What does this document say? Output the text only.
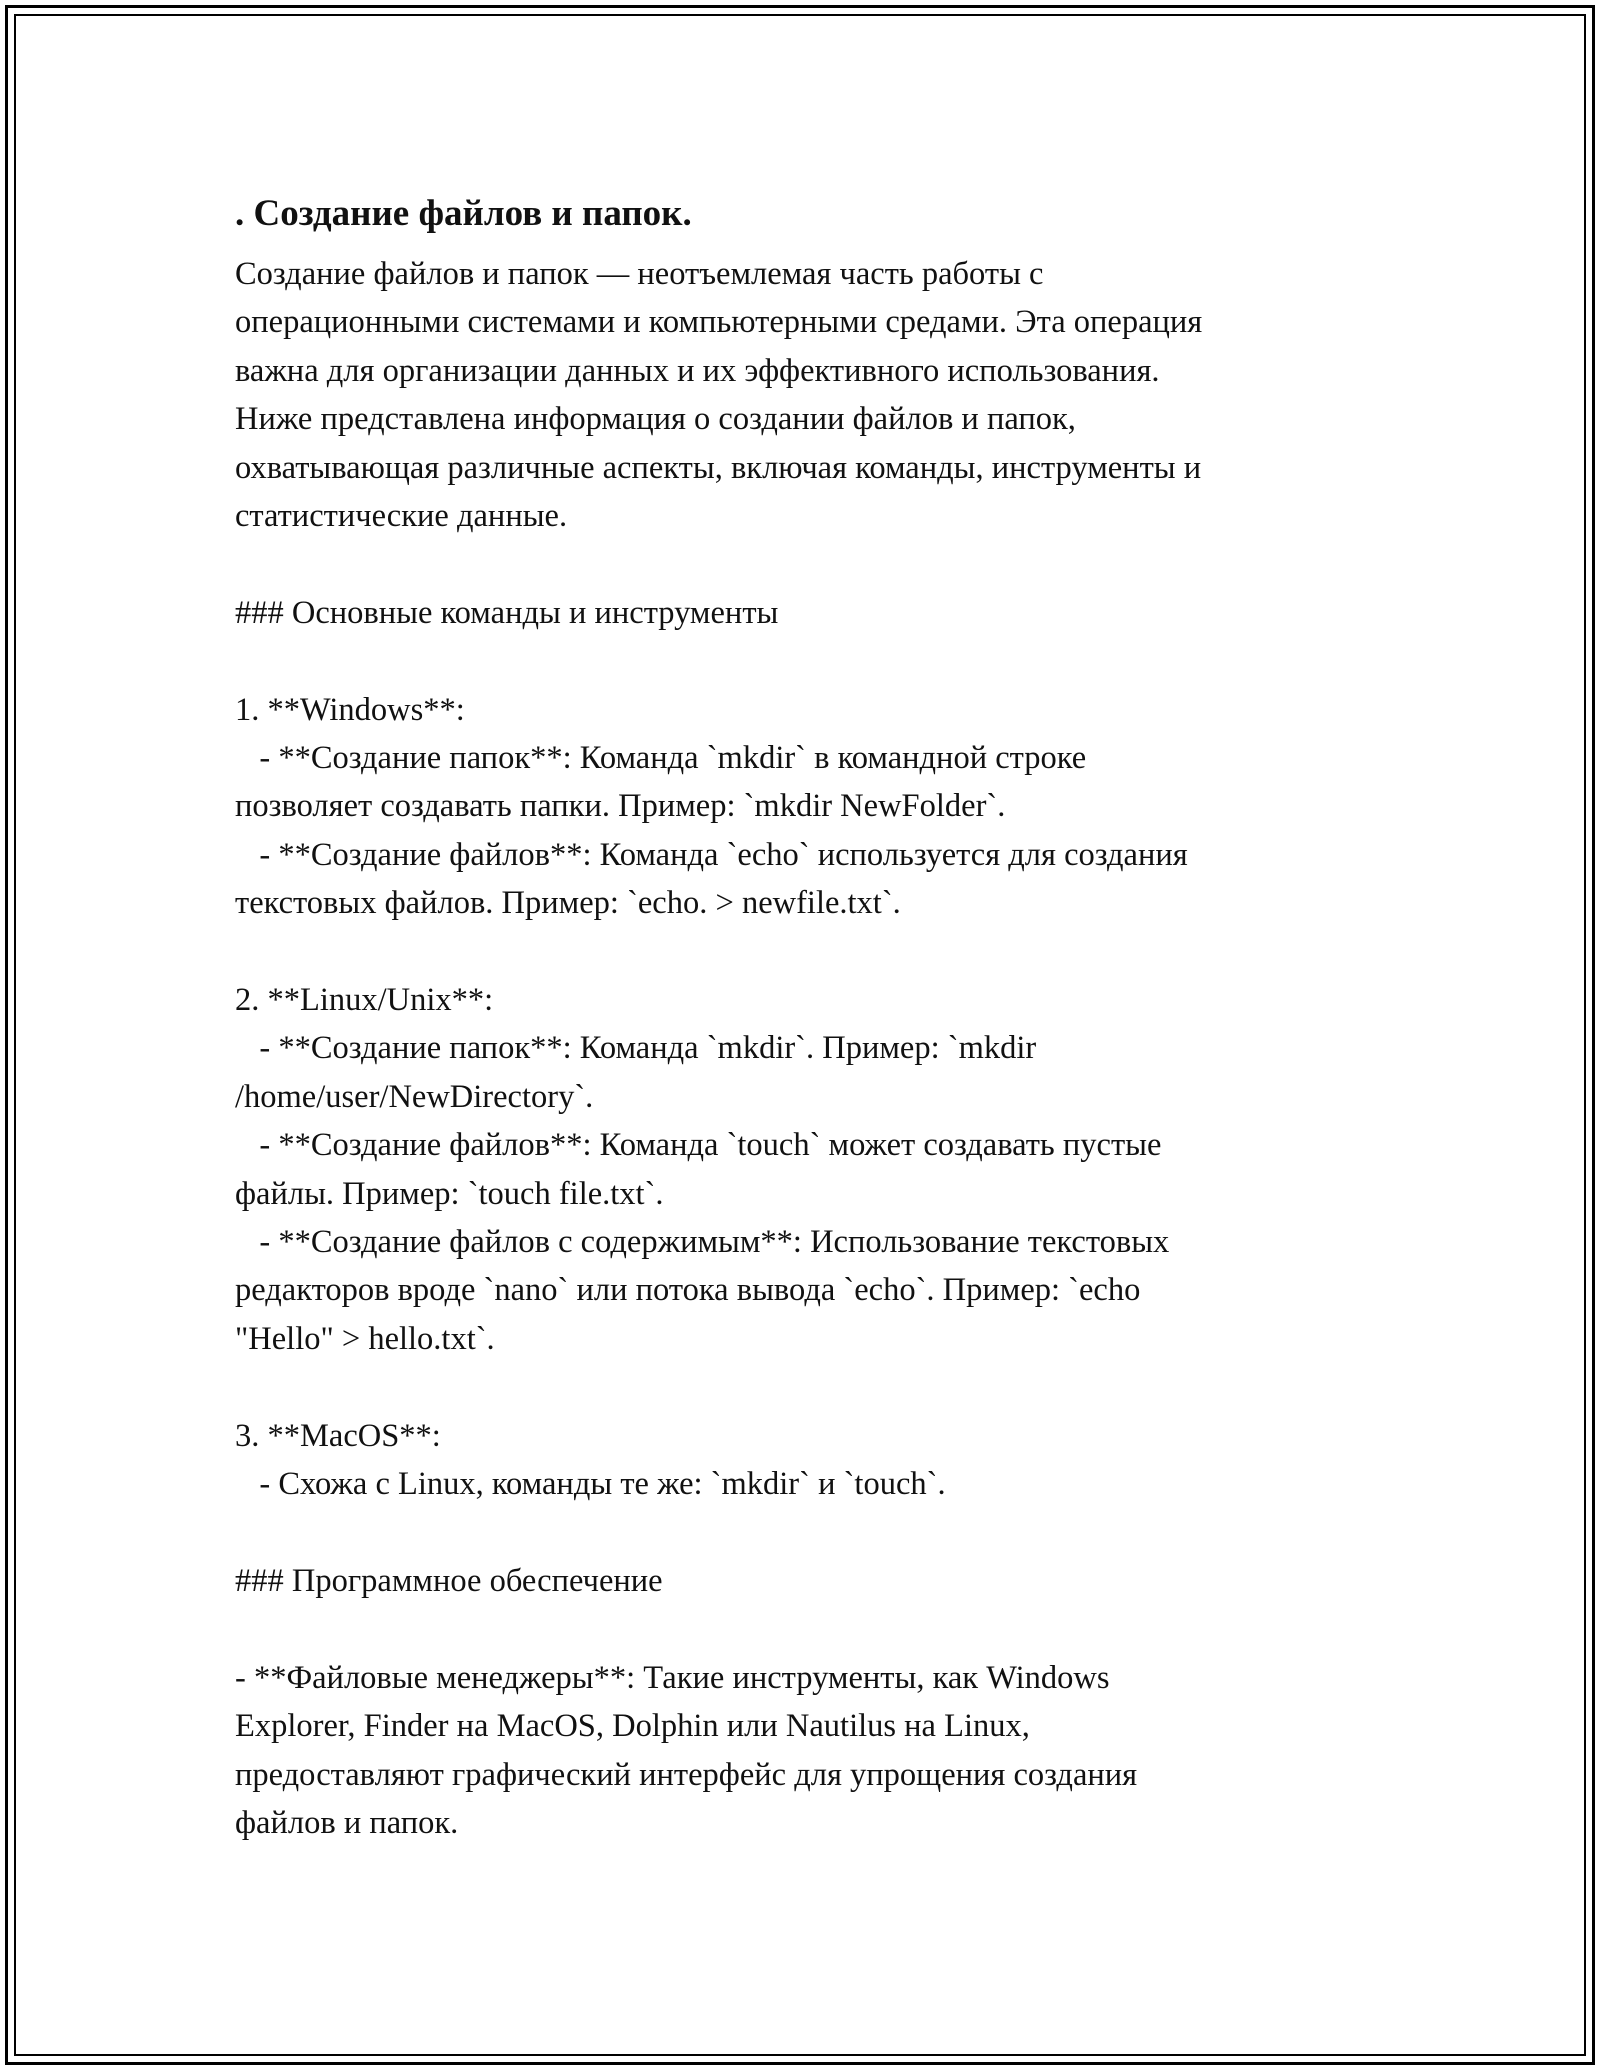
. Создание файлов и папок.
Создание файлов и папок — неотъемлемая часть работы с
операционными системами и компьютерными средами. Эта операция
важна для организации данных и их эффективного использования.
Ниже представлена информация о создании файлов и папок,
охватывающая различные аспекты, включая команды, инструменты и
статистические данные.
### Основные команды и инструменты
1. **Windows**:
- **Создание папок**: Команда `mkdir` в командной строке
позволяет создавать папки. Пример: `mkdir NewFolder`.
- **Создание файлов**: Команда `echo` используется для создания
текстовых файлов. Пример: `echo. > newfile.txt`.
2. **Linux/Unix**:
- **Создание папок**: Команда `mkdir`. Пример: `mkdir
/home/user/NewDirectory`.
- **Создание файлов**: Команда `touch` может создавать пустые
файлы. Пример: `touch file.txt`.
- **Создание файлов с содержимым**: Использование текстовых
редакторов вроде `nano` или потока вывода `echo`. Пример: `echo
"Hello" > hello.txt`.
3. **MacOS**:
- Схожа с Linux, команды те же: `mkdir` и `touch`.
### Программное обеспечение
- **Файловые менеджеры**: Такие инструменты, как Windows
Explorer, Finder на MacOS, Dolphin или Nautilus на Linux,
предоставляют графический интерфейс для упрощения создания
файлов и папок.
